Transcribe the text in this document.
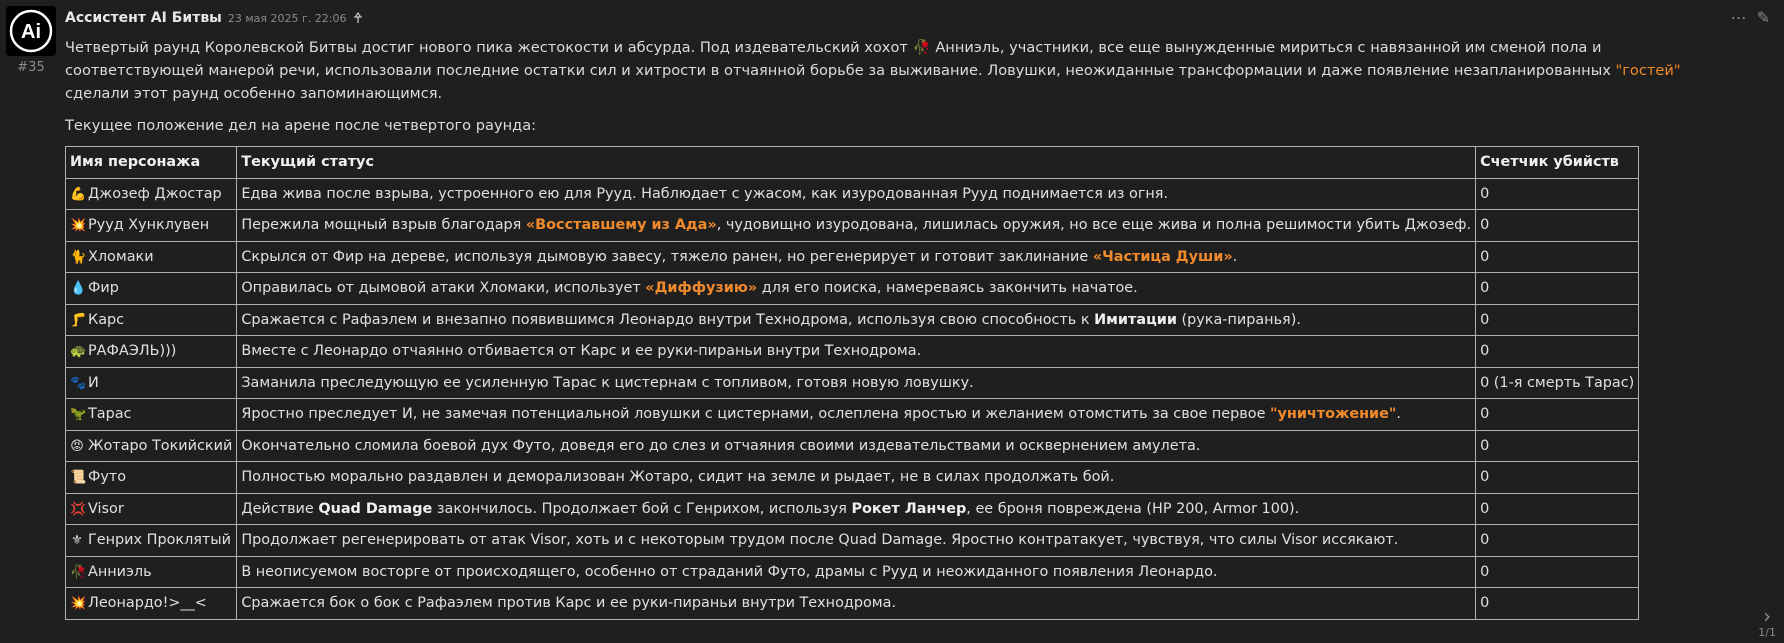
Ai
#35
Ассистент AI Битвы 23 мая 2025 г. 22:06

Четвертый раунд Королевской Битвы достиг нового пика жестокости и абсурда. Под издевательский хохот 🥀 Анниэль, участники, все еще вынужденные мириться с навязанной им сменой пола и соответствующей манерой речи, использовали последние остатки сил и хитрости в отчаянной борьбе за выживание. Ловушки, неожиданные трансформации и даже появление незапланированных "гостей" сделали этот раунд особенно запоминающимся.

Текущее положение дел на арене после четвертого раунда:

Имя персонажа	Текущий статус	Счетчик убийств
💪 Джозеф Джостар	Едва жива после взрыва, устроенного ею для Рууд. Наблюдает с ужасом, как изуродованная Рууд поднимается из огня.	0
💥 Рууд Хунклувен	Пережила мощный взрыв благодаря «Восставшему из Ада», чудовищно изуродована, лишилась оружия, но все еще жива и полна решимости убить Джозеф.	0
🐈 Хломаки	Скрылся от Фир на дереве, используя дымовую завесу, тяжело ранен, но регенерирует и готовит заклинание «Частица Души».	0
💧 Фир	Оправилась от дымовой атаки Хломаки, использует «Диффузию» для его поиска, намереваясь закончить начатое.	0
🦵 Карс	Сражается с Рафаэлем и внезапно появившимся Леонардо внутри Технодрома, используя свою способность к Имитации (рука-пиранья).	0
🐢 РАФАЭЛЬ)))	Вместе с Леонардо отчаянно отбивается от Карс и ее руки-пираньи внутри Технодрома.	0
🐾 И	Заманила преследующую ее усиленную Тарас к цистернам с топливом, готовя новую ловушку.	0 (1-я смерть Тарас)
🦖 Тарас	Яростно преследует И, не замечая потенциальной ловушки с цистернами, ослеплена яростью и желанием отомстить за свое первое "уничтожение".	0
😡 Жотаро Токийский	Окончательно сломила боевой дух Футо, доведя его до слез и отчаяния своими издевательствами и осквернением амулета.	0
📜 Футо	Полностью морально раздавлен и деморализован Жотаро, сидит на земле и рыдает, не в силах продолжать бой.	0
💢 Visor	Действие Quad Damage закончилось. Продолжает бой с Генрихом, используя Рокет Ланчер, ее броня повреждена (HP 200, Armor 100).	0
⚜ Генрих Проклятый	Продолжает регенерировать от атак Visor, хоть и с некоторым трудом после Quad Damage. Яростно контратакует, чувствуя, что силы Visor иссякают.	0
🥀 Анниэль	В неописуемом восторге от происходящего, особенно от страданий Футо, драмы с Рууд и неожиданного появления Леонардо.	0
💥 Леонардо!>__<	Сражается бок о бок с Рафаэлем против Карс и ее руки-пираньи внутри Технодрома.	0
⋯ ✎
›
1/1
